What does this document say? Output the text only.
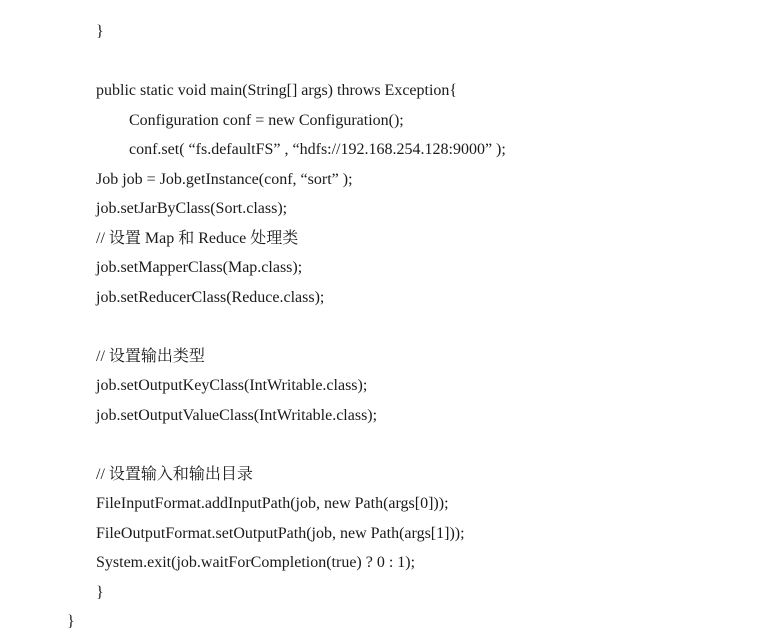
}
public static void main(String[] args) throws Exception{
Configuration conf = new Configuration();
conf.set( “fs.defaultFS” , “hdfs://192.168.254.128:9000” );
Job job = Job.getInstance(conf, “sort” );
job.setJarByClass(Sort.class);
// 设置 Map 和 Reduce 处理类
job.setMapperClass(Map.class);
job.setReducerClass(Reduce.class);
// 设置输出类型
job.setOutputKeyClass(IntWritable.class);
job.setOutputValueClass(IntWritable.class);
// 设置输入和输出目录
FileInputFormat.addInputPath(job, new Path(args[0]));
FileOutputFormat.setOutputPath(job, new Path(args[1]));
System.exit(job.waitForCompletion(true) ? 0 : 1);
}
}
